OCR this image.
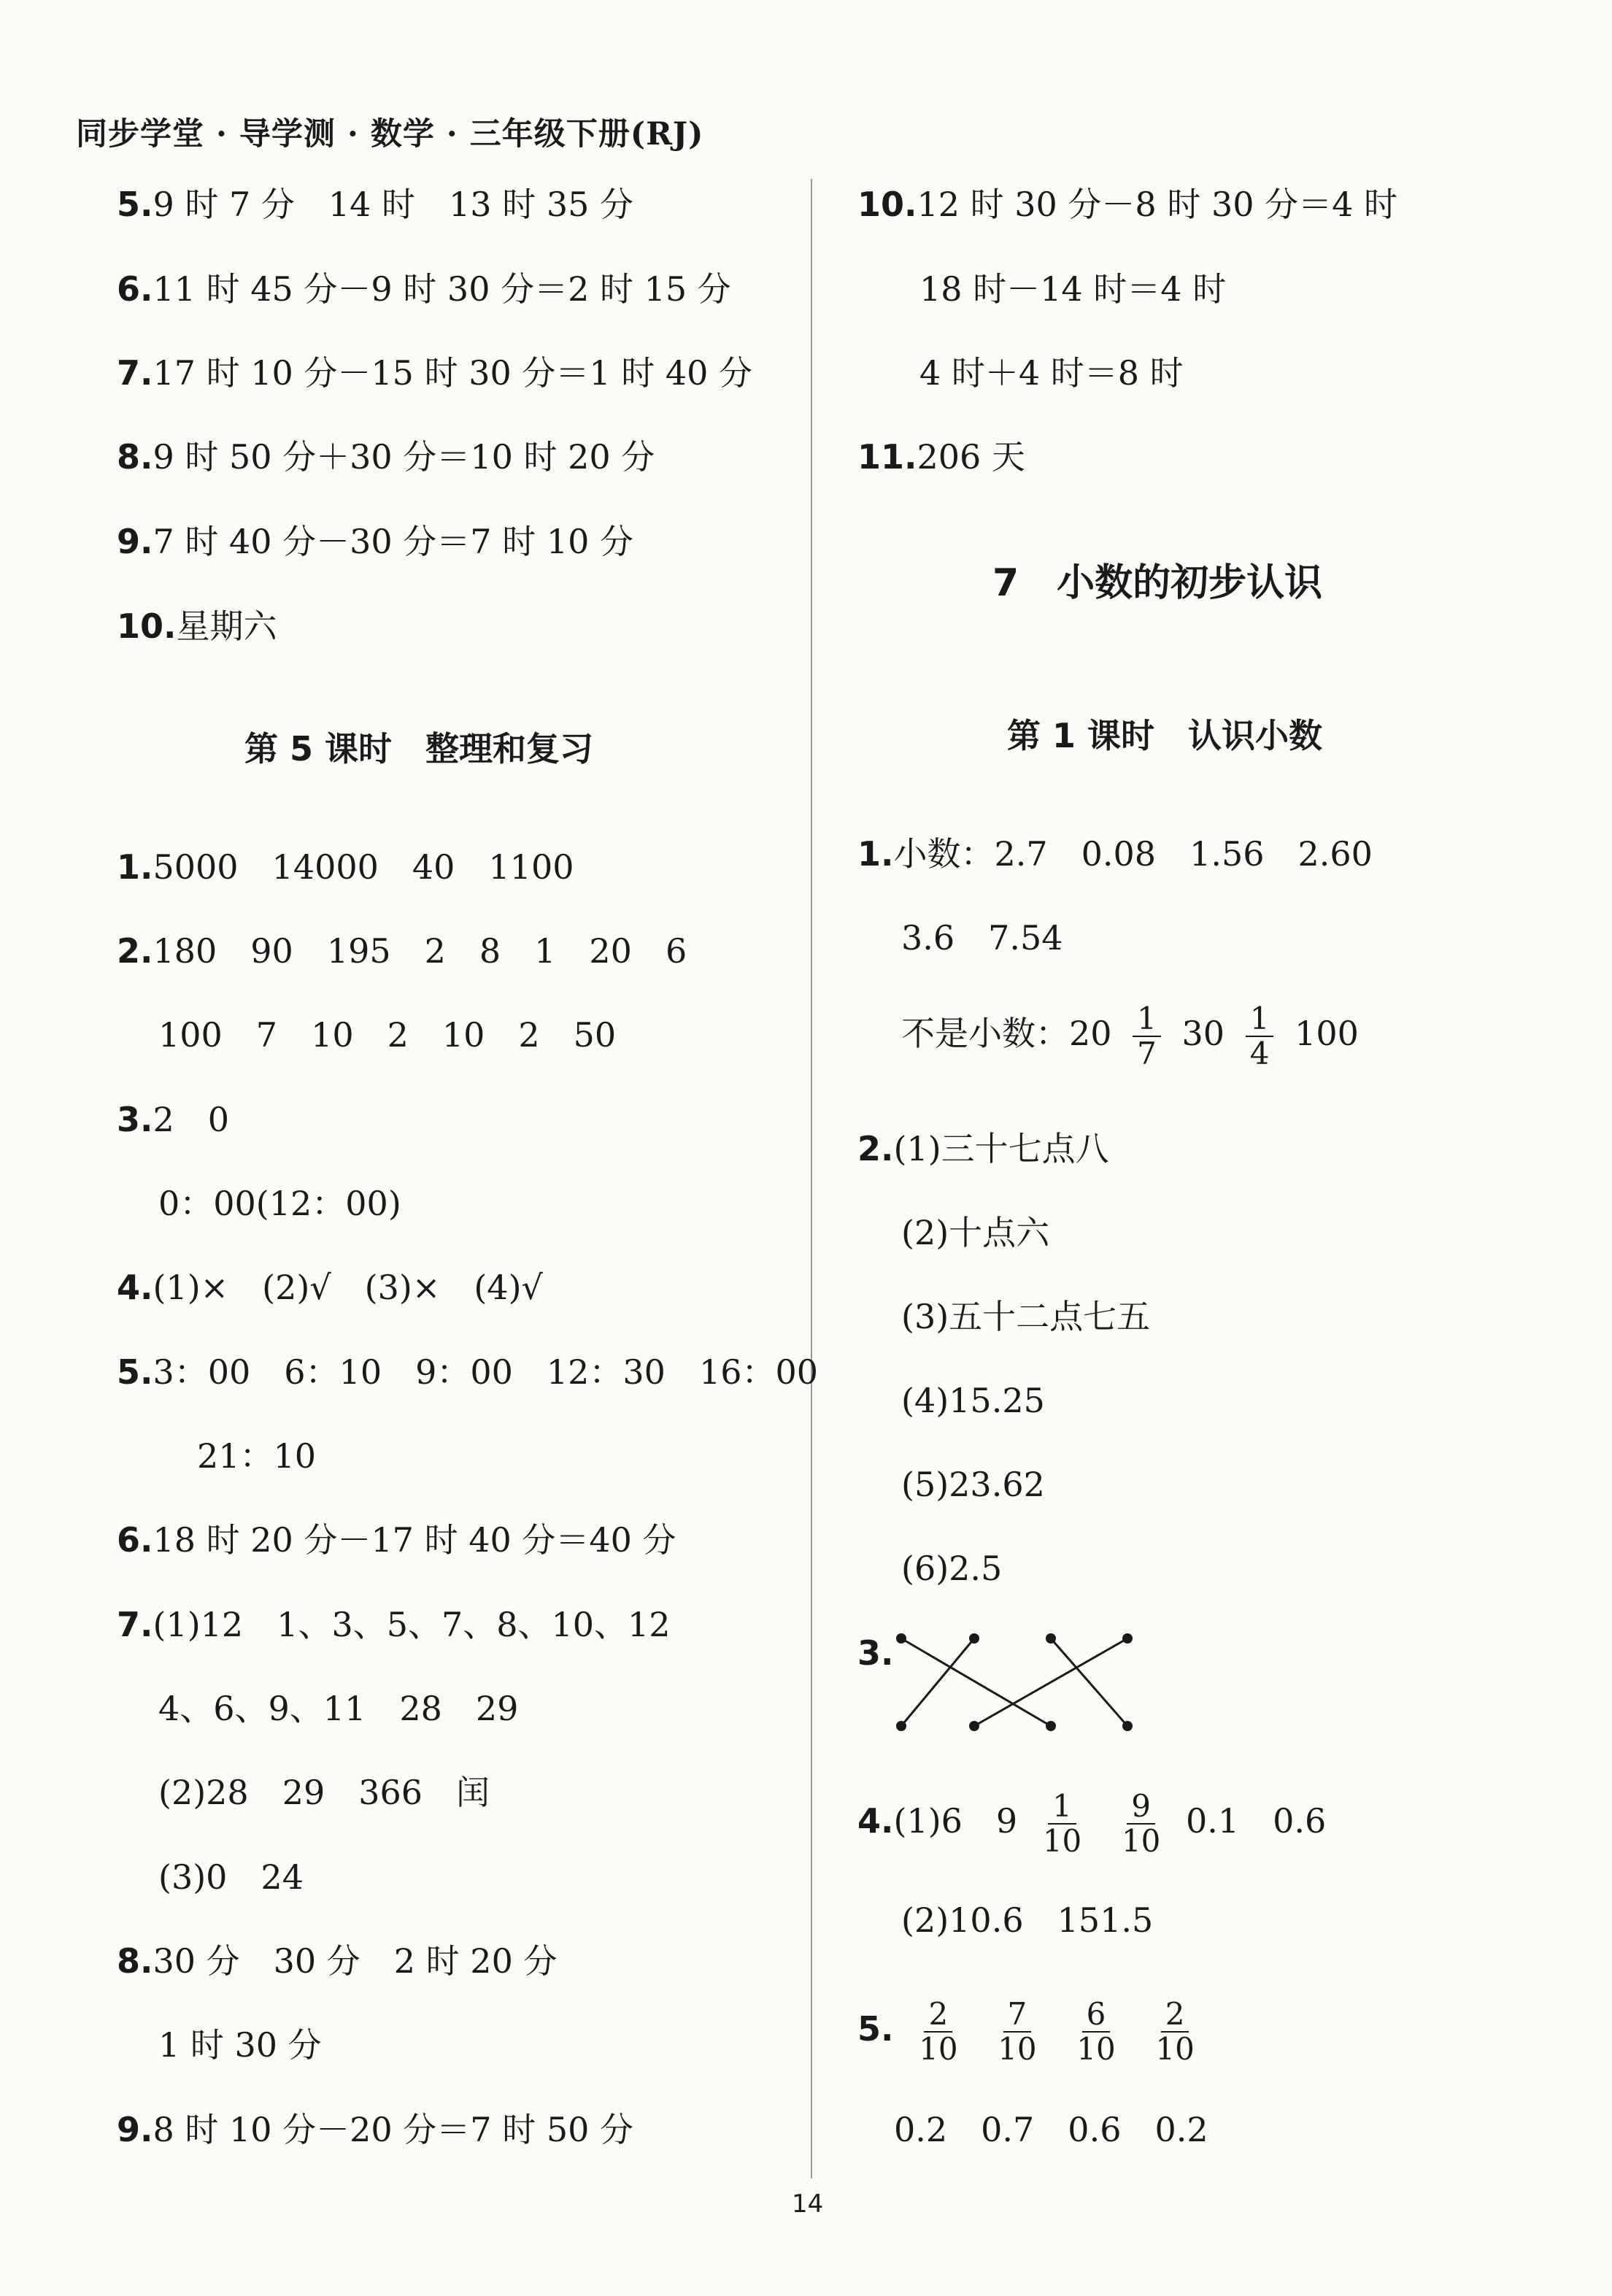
同步学堂 · 导学测 · 数学 · 三年级下册(RJ)
5.9 时 7 分　14 时　13 时 35 分
6.11 时 45 分－9 时 30 分＝2 时 15 分
7.17 时 10 分－15 时 30 分＝1 时 40 分
8.9 时 50 分＋30 分＝10 时 20 分
9.7 时 40 分－30 分＝7 时 10 分
10.星期六
第 5 课时　整理和复习
1.5000　14000　40　1100
2.180　90　195　2　8　1　20　6
100　7　10　2　10　2　50
3.2　0
0：00(12：00)
4.(1)×　(2)√　(3)×　(4)√
5.3：00　6：10　9：00　12：30　16：00
21：10
6.18 时 20 分－17 时 40 分＝40 分
7.(1)12　1、3、5、7、8、10、12
4、6、9、11　28　29
(2)28　29　366　闰
(3)0　24
8.30 分　30 分　2 时 20 分
1 时 30 分
9.8 时 10 分－20 分＝7 时 50 分
10.12 时 30 分－8 时 30 分＝4 时
18 时－14 时＝4 时
4 时＋4 时＝8 时
11.206 天
7　小数的初步认识
第 1 课时　认识小数
1.小数：2.7　0.08　1.56　2.60
3.6　7.54
不是小数：$20 \frac{1}{7} 30 \frac{1}{4} 100$
2.(1)三十七点八
(2)十点六
(3)五十二点七五
(4)15.25
(5)23.62
(6)2.5
3.
4.(1)6　$9 \frac{1}{10}$
$\frac{9}{10} 0.1$　0.6
(2)10.6　151.5
5. $\frac{2}{10}$
$\frac{7}{10}$
$\frac{6}{10}$
$\frac{2}{10}$
0.2　0.7　0.6　0.2
14
